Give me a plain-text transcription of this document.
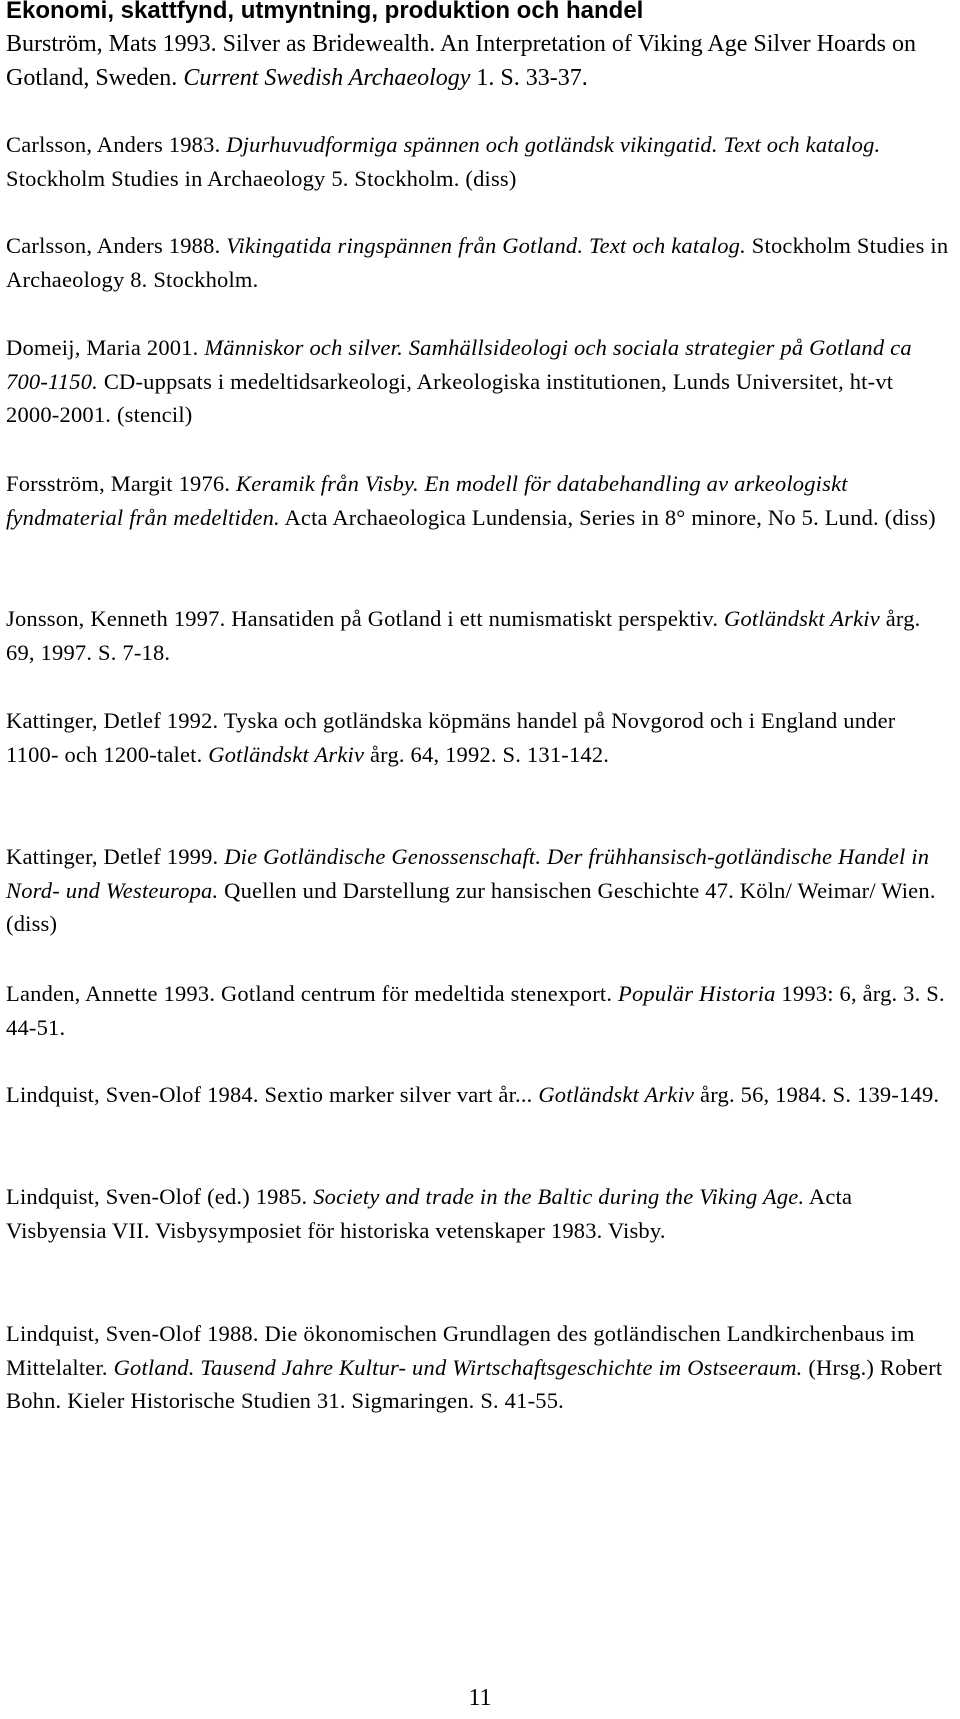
Ekonomi, skattfynd, utmyntning, produktion och handel
Burström, Mats 1993. Silver as Bridewealth. An Interpretation of Viking Age Silver Hoards on Gotland, Sweden. Current Swedish Archaeology 1. S. 33-37.
Carlsson, Anders 1983. Djurhuvudformiga spännen och gotländsk vikingatid. Text och katalog. Stockholm Studies in Archaeology 5. Stockholm. (diss)
Carlsson, Anders 1988. Vikingatida ringspännen från Gotland. Text och katalog. Stockholm Studies in Archaeology 8. Stockholm.
Domeij, Maria 2001. Människor och silver. Samhällsideologi och sociala strategier på Gotland ca 700-1150. CD-uppsats i medeltidsarkeologi, Arkeologiska institutionen, Lunds Universitet, ht-vt 2000-2001. (stencil)
Forsström, Margit 1976. Keramik från Visby. En modell för databehandling av arkeologiskt fyndmaterial från medeltiden. Acta Archaeologica Lundensia, Series in 8° minore, No 5. Lund. (diss)
Jonsson, Kenneth 1997. Hansatiden på Gotland i ett numismatiskt perspektiv. Gotländskt Arkiv årg. 69, 1997. S. 7-18.
Kattinger, Detlef 1992. Tyska och gotländska köpmäns handel på Novgorod och i England under 1100- och 1200-talet. Gotländskt Arkiv årg. 64, 1992. S. 131-142.
Kattinger, Detlef 1999. Die Gotländische Genossenschaft. Der frühhansisch-gotländische Handel in Nord- und Westeuropa. Quellen und Darstellung zur hansischen Geschichte 47. Köln/ Weimar/ Wien. (diss)
Landen, Annette 1993. Gotland centrum för medeltida stenexport. Populär Historia 1993: 6, årg. 3. S. 44-51.
Lindquist, Sven-Olof 1984. Sextio marker silver vart år... Gotländskt Arkiv årg. 56, 1984. S. 139-149.
Lindquist, Sven-Olof (ed.) 1985. Society and trade in the Baltic during the Viking Age. Acta Visbyensia VII. Visbysymposiet för historiska vetenskaper 1983. Visby.
Lindquist, Sven-Olof 1988. Die ökonomischen Grundlagen des gotländischen Landkirchenbaus im Mittelalter. Gotland. Tausend Jahre Kultur- und Wirtschaftsgeschichte im Ostseeraum. (Hrsg.) Robert Bohn. Kieler Historische Studien 31. Sigmaringen. S. 41-55.
11
